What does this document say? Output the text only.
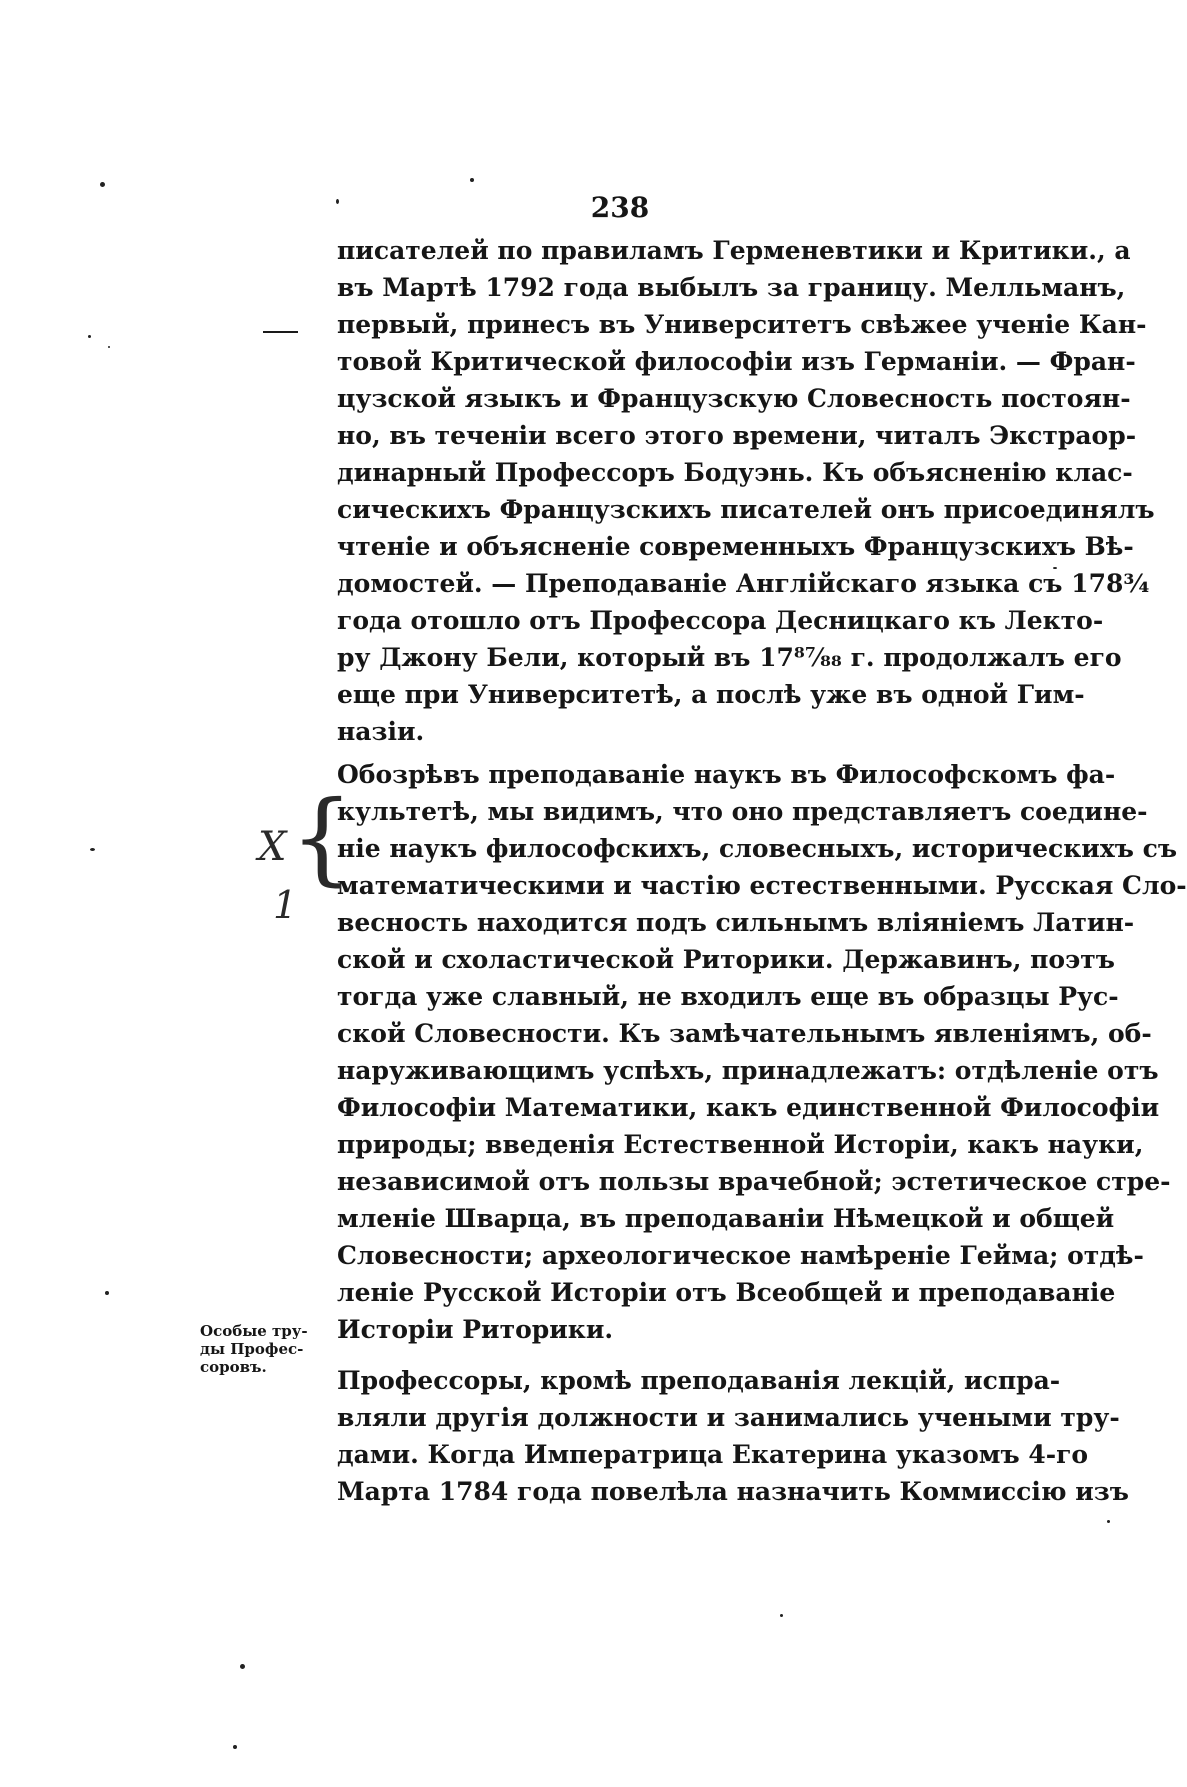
238
писателей по правиламъ Герменевтики и Критики., а
въ Мартѣ 1792 года выбылъ за границу. Мелльманъ,
первый, принесъ въ Университетъ свѣжее ученіе Кан-
товой Критической философіи изъ Германіи. — Фран-
цузской языкъ и Французскую Словесность постоян-
но, въ теченіи всего этого времени, читалъ Экстраор-
динарный Профессоръ Бодуэнь. Къ объясненію клас-
сическихъ Французскихъ писателей онъ присоединялъ
чтеніе и объясненіе современныхъ Французскихъ Вѣ-
домостей. — Преподаваніе Англійскаго языка съ 178¾
года отошло отъ Профессора Десницкаго къ Лекто-
ру Джону Бели, который въ 17⁸⁷⁄₈₈ г. продолжалъ его
еще при Университетѣ, а послѣ уже въ одной Гим-
назіи.
Обозрѣвъ преподаваніе наукъ въ Философскомъ фа-
культетѣ, мы видимъ, что оно представляетъ соедине-
ніе наукъ философскихъ, словесныхъ, историческихъ съ
математическими и частію естественными. Русская Сло-
весность находится подъ сильнымъ вліяніемъ Латин-
ской и схоластической Риторики. Державинъ, поэтъ
тогда уже славный, не входилъ еще въ образцы Рус-
ской Словесности. Къ замѣчательнымъ явленіямъ, об-
наруживающимъ успѣхъ, принадлежатъ: отдѣленіе отъ
Философіи Математики, какъ единственной Философіи
природы; введенія Естественной Исторіи, какъ науки,
независимой отъ пользы врачебной; эстетическое стре-
мленіе Шварца, въ преподаваніи Нѣмецкой и общей
Словесности; археологическое намѣреніе Гейма; отдѣ-
леніе Русской Исторіи отъ Всеобщей и преподаваніе
Исторіи Риторики.
Профессоры, кромѣ преподаванія лекцій, испра-
вляли другія должности и занимались учеными тру-
дами. Когда Императрица Екатерина указомъ 4-го
Марта 1784 года повелѣла назначить Коммиссію изъ
Особые тру-
ды Профес-
соровъ.
X {
1
